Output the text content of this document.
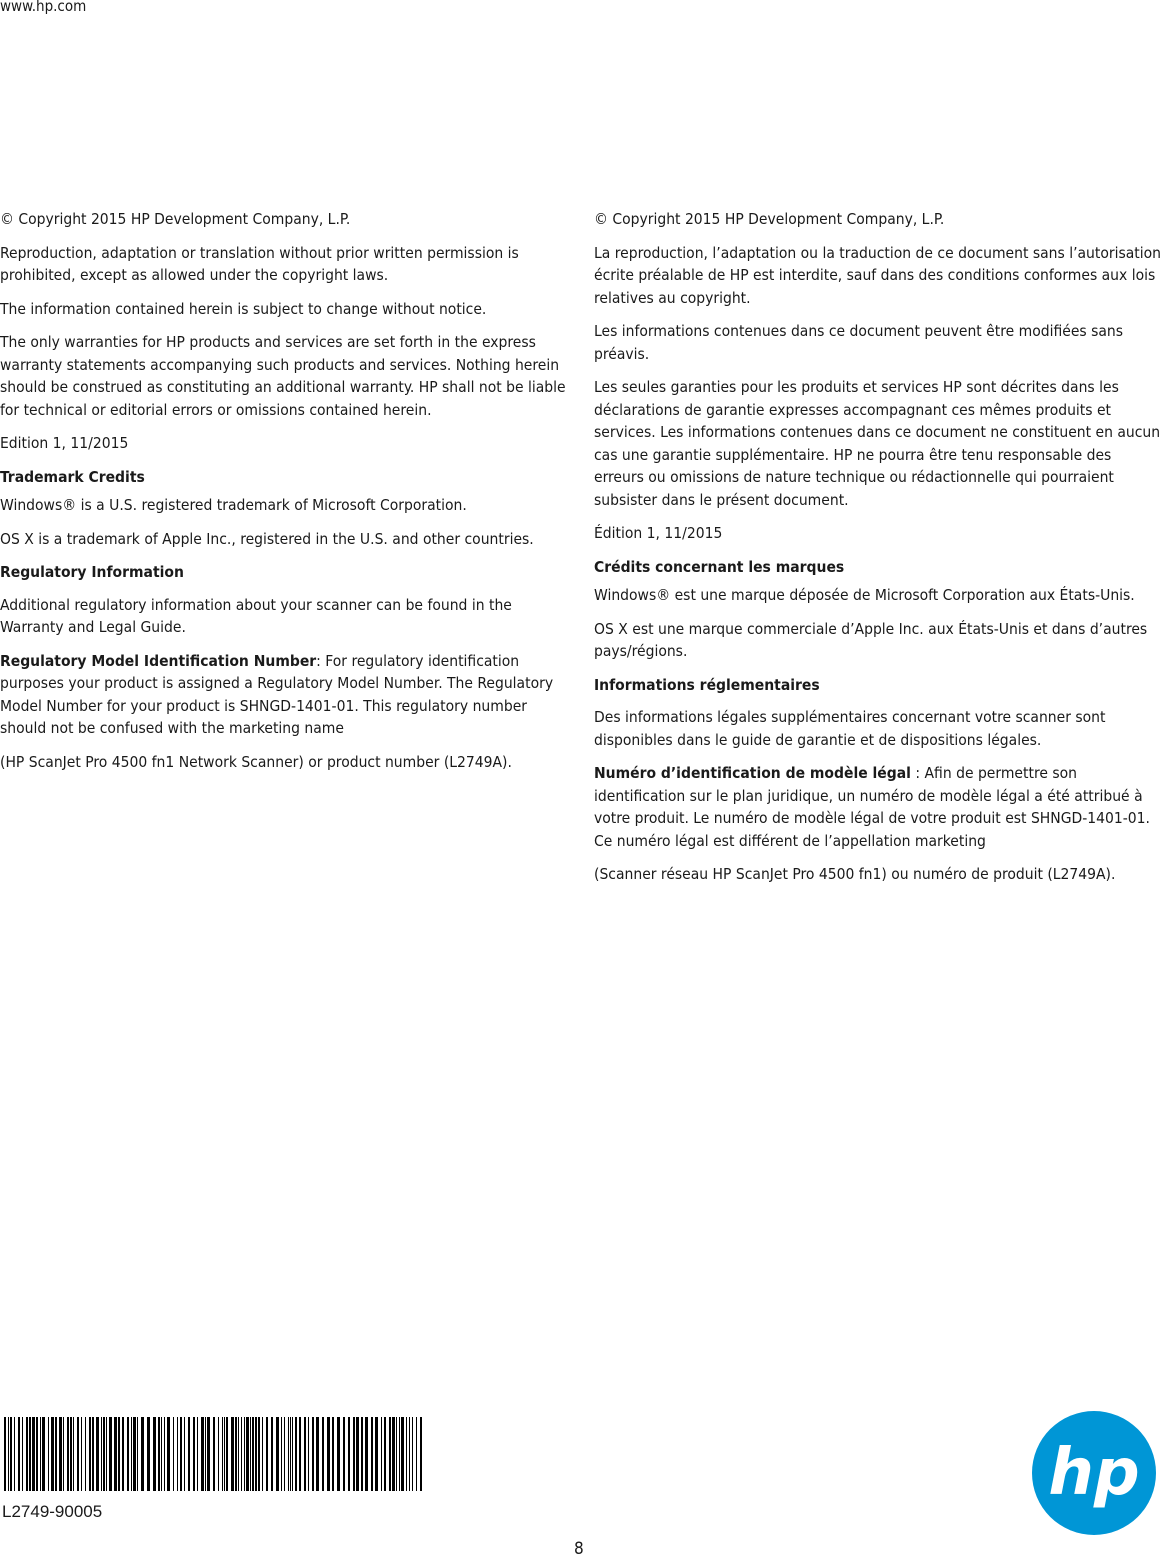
www.hp.com

© Copyright 2015 HP Development Company, L.P.

Reproduction, adaptation or translation without prior written permission is prohibited, except as allowed under the copyright laws.

The information contained herein is subject to change without notice.

The only warranties for HP products and services are set forth in the express warranty statements accompanying such products and services. Nothing herein should be construed as constituting an additional warranty. HP shall not be liable for technical or editorial errors or omissions contained herein.

Edition 1, 11/2015

Trademark Credits

Windows® is a U.S. registered trademark of Microsoft Corporation.

OS X is a trademark of Apple Inc., registered in the U.S. and other countries.

Regulatory Information

Additional regulatory information about your scanner can be found in the Warranty and Legal Guide.

Regulatory Model Identification Number: For regulatory identification purposes your product is assigned a Regulatory Model Number. The Regulatory Model Number for your product is SHNGD-1401-01. This regulatory number should not be confused with the marketing name

(HP ScanJet Pro 4500 fn1 Network Scanner) or product number (L2749A).

© Copyright 2015 HP Development Company, L.P.

La reproduction, l’adaptation ou la traduction de ce document sans l’autorisation écrite préalable de HP est interdite, sauf dans des conditions conformes aux lois relatives au copyright.

Les informations contenues dans ce document peuvent être modifiées sans préavis.

Les seules garanties pour les produits et services HP sont décrites dans les déclarations de garantie expresses accompagnant ces mêmes produits et services. Les informations contenues dans ce document ne constituent en aucun cas une garantie supplémentaire. HP ne pourra être tenu responsable des erreurs ou omissions de nature technique ou rédactionnelle qui pourraient subsister dans le présent document.

Édition 1, 11/2015

Crédits concernant les marques

Windows® est une marque déposée de Microsoft Corporation aux États-Unis.

OS X est une marque commerciale d’Apple Inc. aux États-Unis et dans d’autres pays/régions.

Informations réglementaires

Des informations légales supplémentaires concernant votre scanner sont disponibles dans le guide de garantie et de dispositions légales.

Numéro d’identification de modèle légal : Afin de permettre son identification sur le plan juridique, un numéro de modèle légal a été attribué à votre produit. Le numéro de modèle légal de votre produit est SHNGD-1401-01. Ce numéro légal est différent de l’appellation marketing

(Scanner réseau HP ScanJet Pro 4500 fn1) ou numéro de produit (L2749A).

L2749-90005
8
hp
